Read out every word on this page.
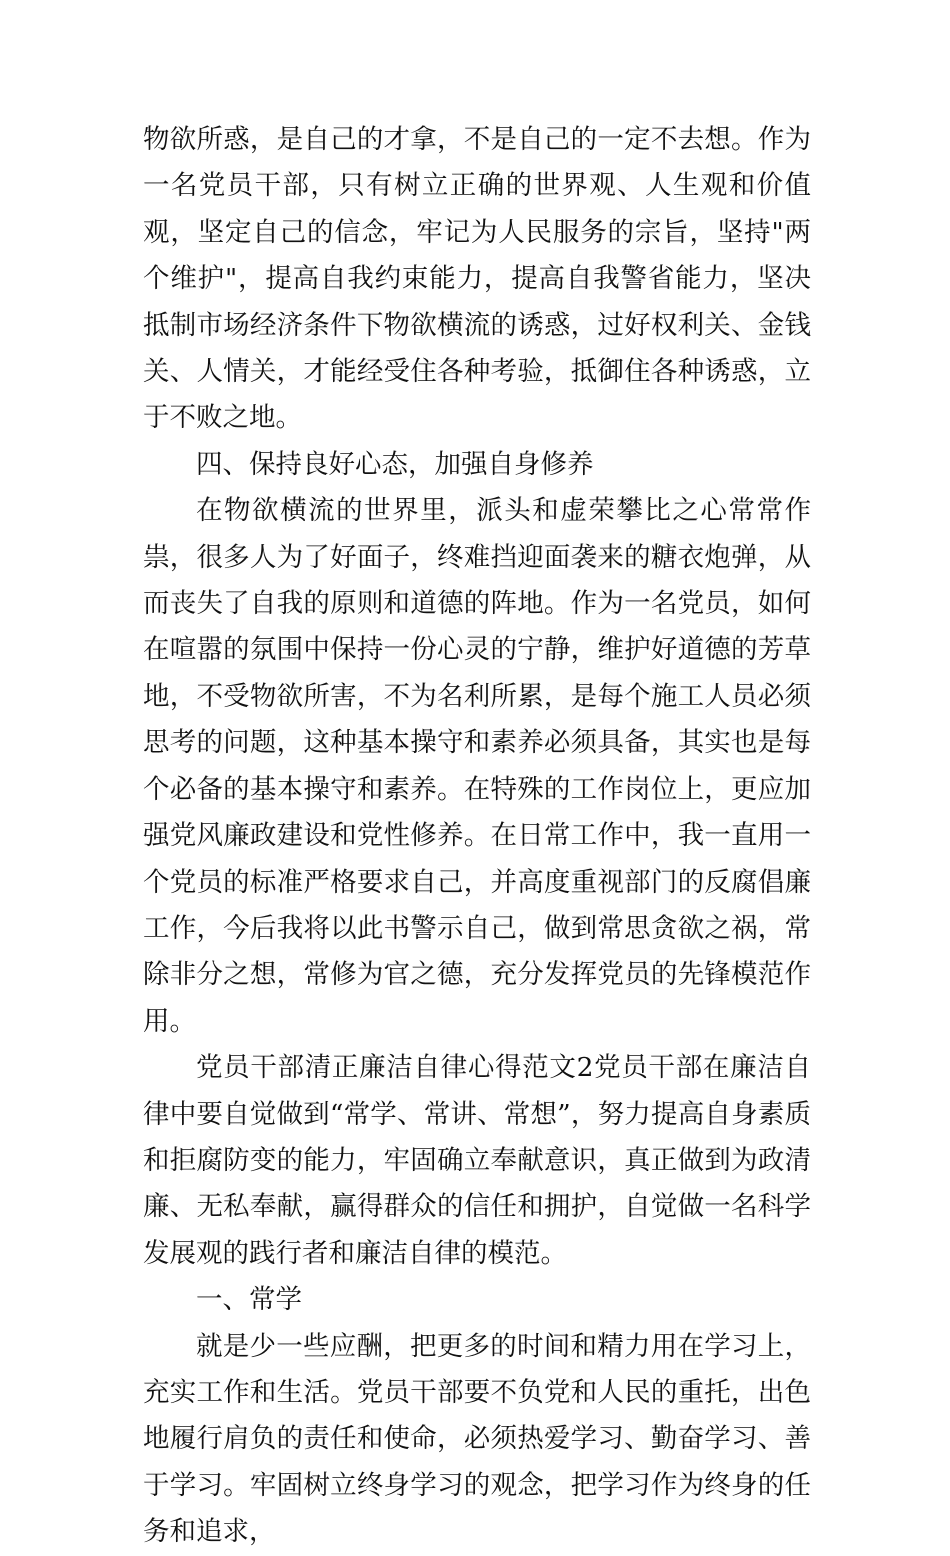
物欲所惑，是自己的才拿，不是自己的一定不去想。作为一名党员干部，只有树立正确的世界观、人生观和价值观，坚定自己的信念，牢记为人民服务的宗旨，坚持"两个维护"，提高自我约束能力，提高自我警省能力，坚决抵制市场经济条件下物欲横流的诱惑，过好权利关、金钱关、人情关，才能经受住各种考验，抵御住各种诱惑，立于不败之地。

四、保持良好心态，加强自身修养

在物欲横流的世界里，派头和虚荣攀比之心常常作祟，很多人为了好面子，终难挡迎面袭来的糖衣炮弹，从而丧失了自我的原则和道德的阵地。作为一名党员，如何在喧嚣的氛围中保持一份心灵的宁静，维护好道德的芳草地，不受物欲所害，不为名利所累，是每个施工人员必须思考的问题，这种基本操守和素养必须具备，其实也是每个必备的基本操守和素养。在特殊的工作岗位上，更应加强党风廉政建设和党性修养。在日常工作中，我一直用一个党员的标准严格要求自己，并高度重视部门的反腐倡廉工作，今后我将以此书警示自己，做到常思贪欲之祸，常除非分之想，常修为官之德，充分发挥党员的先锋模范作用。

党员干部清正廉洁自律心得范文2党员干部在廉洁自律中要自觉做到“常学、常讲、常想”，努力提高自身素质和拒腐防变的能力，牢固确立奉献意识，真正做到为政清廉、无私奉献，赢得群众的信任和拥护，自觉做一名科学发展观的践行者和廉洁自律的模范。

一、常学

就是少一些应酬，把更多的时间和精力用在学习上，充实工作和生活。党员干部要不负党和人民的重托，出色地履行肩负的责任和使命，必须热爱学习、勤奋学习、善于学习。牢固树立终身学习的观念，把学习作为终身的任务和追求，
